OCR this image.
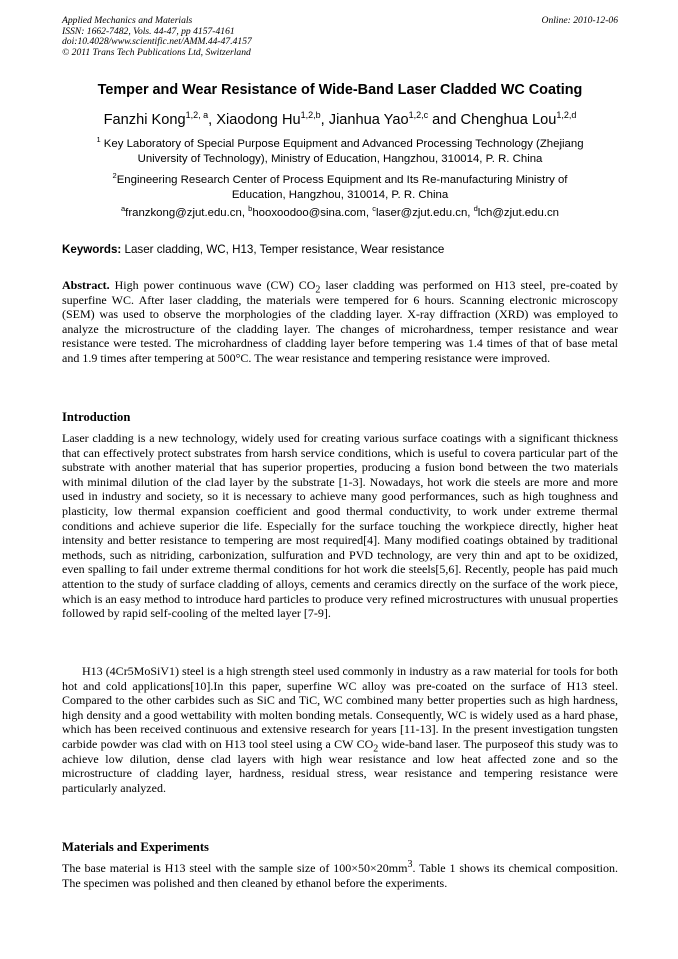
Applied Mechanics and Materials
ISSN: 1662-7482, Vols. 44-47, pp 4157-4161
doi:10.4028/www.scientific.net/AMM.44-47.4157
© 2011 Trans Tech Publications Ltd, Switzerland
Online: 2010-12-06
Temper and Wear Resistance of Wide-Band Laser Cladded WC Coating
Fanzhi Kong$^{1,2, a}$, Xiaodong Hu$^{1,2,b}$, Jianhua Yao$^{1,2,c}$ and Chenghua Lou$^{1,2,d}$
$^1$ Key Laboratory of Special Purpose Equipment and Advanced Processing Technology (Zhejiang
University of Technology), Ministry of Education, Hangzhou, 310014, P. R. China
$^2$Engineering Research Center of Process Equipment and Its Re-manufacturing Ministry of
Education, Hangzhou, 310014, P. R. China
$^a$franzkong@zjut.edu.cn, $^b$hooxoodoo@sina.com, $^c$laser@zjut.edu.cn, $^d$lch@zjut.edu.cn
Keywords: Laser cladding, WC, H13, Temper resistance, Wear resistance
Abstract. High power continuous wave (CW) $CO_2$ laser cladding was performed on H13 steel, pre-coated by superfine WC. After laser cladding, the materials were tempered for 6 hours. Scanning electronic microscopy (SEM) was used to observe the morphologies of the cladding layer. X-ray diffraction (XRD) was employed to analyze the microstructure of the cladding layer. The changes of microhardness, temper resistance and wear resistance were tested. The microhardness of cladding layer before tempering was 1.4 times of that of base metal and 1.9 times after tempering at 500°C. The wear resistance and tempering resistance were improved.
Introduction
Laser cladding is a new technology, widely used for creating various surface coatings with a significant thickness that can effectively protect substrates from harsh service conditions, which is useful to covera particular part of the substrate with another material that has superior properties, producing a fusion bond between the two materials with minimal dilution of the clad layer by the substrate [1-3]. Nowadays, hot work die steels are more and more used in industry and society, so it is necessary to achieve many good performances, such as high toughness and plasticity, low thermal expansion coefficient and good thermal conductivity, to work under extreme thermal conditions and achieve superior die life. Especially for the surface touching the workpiece directly, higher heat intensity and better resistance to tempering are most required[4]. Many modified coatings obtained by traditional methods, such as nitriding, carbonization, sulfuration and PVD technology, are very thin and apt to be oxidized, even spalling to fail under extreme thermal conditions for hot work die steels[5,6]. Recently, people has paid much attention to the study of surface cladding of alloys, cements and ceramics directly on the surface of the work piece, which is an easy method to introduce hard particles to produce very refined microstructures with unusual properties followed by rapid self-cooling of the melted layer [7-9].
H13 (4Cr5MoSiV1) steel is a high strength steel used commonly in industry as a raw material for tools for both hot and cold applications[10].In this paper, superfine WC alloy was pre-coated on the surface of H13 steel. Compared to the other carbides such as SiC and TiC, WC combined many better properties such as high hardness, high density and a good wettability with molten bonding metals. Consequently, WC is widely used as a hard phase, which has been received continuous and extensive research for years [11-13]. In the present investigation tungsten carbide powder was clad with on H13 tool steel using a CW $CO_2$ wide-band laser. The purposeof this study was to achieve low dilution, dense clad layers with high wear resistance and low heat affected zone and so the microstructure of cladding layer, hardness, residual stress, wear resistance and tempering resistance were particularly analyzed.
Materials and Experiments
The base material is H13 steel with the sample size of $100\times 50\times 20mm^3$. Table 1 shows its chemical composition. The specimen was polished and then cleaned by ethanol before the experiments.
